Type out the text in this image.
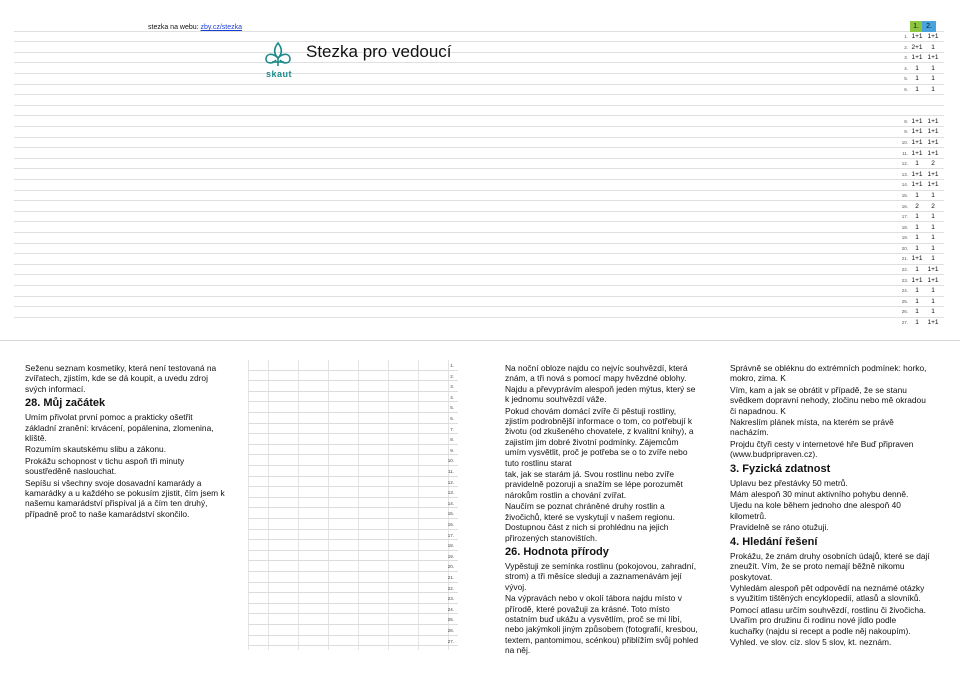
stezka na webu: zby.cz/stezka
skaut
Stezka pro vedoucí
1.	2.
1. 1+1 1+1
2. 2+1	1
3. 1+1 1+1
4.	1	1
5.	1	1
6.	1	1
8. 1+1 1+1
9. 1+1 1+1
10. 1+1 1+1
11. 1+1 1+1
12.	1	2
13. 1+1 1+1
14. 1+1 1+1
15.	1	1
16.	2	2
17.	1	1
18.	1	1
19.	1	1
20.	1	1
21. 1+1	1
22.	1	1+1
23. 1+1 1+1
24.	1	1
25.	1	1
26.	1	1
27.	1	1+1
1.
2.
3.
4.
5.
6.
7.
8.
9.
10.
11.
12.
13.
14.
15.
16.
17.
18.
19.
20.
21.
22.
23.
24.
25.
26.
27.

Seženu seznam kosmetiky, která není testovaná na zvířatech, zjistím, kde se dá koupit, a uvedu zdroj svých informací.

28. Můj začátek

Umím přivolat první pomoc a prakticky ošetřit základní zranění: krvácení, popálenina, zlomenina, klíště.

Rozumím skautskému slibu a zákonu.

Prokážu schopnost v tichu aspoň tři minuty soustředěně naslouchat.

Sepíšu si všechny svoje dosavadní kamarády a kamarádky a u každého se pokusím zjistit, čím jsem k našemu kamarádství přispíval já a čím ten druhý, případně proč to naše kamarádství skončilo.

Na noční obloze najdu co nejvíc souhvězdí, která znám, a tři nová s pomocí mapy hvězdné oblohy. Najdu a převyprávím alespoň jeden mýtus, který se k jednomu souhvězdí váže.

Pokud chovám domácí zvíře či pěstuji rostliny, zjistím podrobnější informace o tom, co potřebují k životu (od zkušeného chovatele, z kvalitní knihy), a zajistím jim dobré životní podmínky. Zájemcům umím vysvětlit, proč je potřeba se o to zvíře nebo tuto rostlinu starat

tak, jak se starám já. Svou rostlinu nebo zvíře pravidelně pozoruji a snažím se lépe porozumět nárokům rostlin a chování zvířat.

Naučím se poznat chráněné druhy rostlin a živočichů, které se vyskytují v našem regionu. Dostupnou část z nich si prohlédnu na jejich přirozených stanovištích.

26. Hodnota přírody

Vypěstuji ze semínka rostlinu (pokojovou, zahradní, strom) a tři měsíce sleduji a zaznamenávám její vývoj.

Na výpravách nebo v okolí tábora najdu místo v přírodě, které považuji za krásné. Toto místo ostatním buď ukážu a vysvětlím, proč se mi líbí, nebo jakýmkoli jiným způsobem (fotografií, kresbou, textem, pantomimou, scénkou) přiblížím svůj pohled na něj.

Správně se obléknu do extrémních podmínek: horko, mokro, zima. K

Vím, kam a jak se obrátit v případě, že se stanu svědkem dopravní nehody, zločinu nebo mě okradou či napadnou. K

Nakreslím plánek místa, na kterém se právě nacházím.

Projdu čtyři cesty v internetové hře Buď připraven (www.budpripraven.cz).

3. Fyzická zdatnost

Uplavu bez přestávky 50 metrů.

Mám alespoň 30 minut aktivního pohybu denně.

Ujedu na kole během jednoho dne alespoň 40 kilometrů.

Pravidelně se ráno otužuji.

4. Hledání řešení

Prokážu, že znám druhy osobních údajů, které se dají zneužít. Vím, že se proto nemají běžně nikomu poskytovat.

Vyhledám alespoň pět odpovědí na neznámé otázky s využitím tištěných encyklopedií, atlasů a slovníků.

Pomocí atlasu určím souhvězdí, rostlinu či živočicha. Uvařím pro družinu či rodinu nové jídlo podle kuchařky (najdu si recept a podle něj nakoupím).

Vyhled. ve slov. ciz. slov 5 slov, kt. neznám.
